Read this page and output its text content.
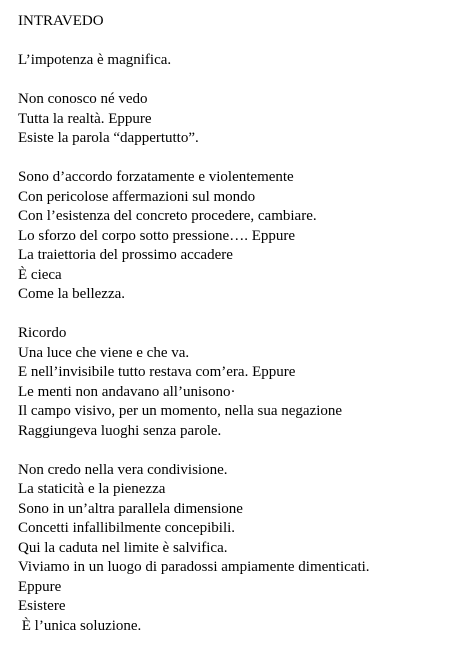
INTRAVEDO
L’impotenza è magnifica.
Non conosco né vedo
Tutta la realtà. Eppure
Esiste la parola “dappertutto”.
Sono d’accordo forzatamente e violentemente
Con pericolose affermazioni sul mondo
Con l’esistenza del concreto procedere, cambiare.
Lo sforzo del corpo sotto pressione…. Eppure
La traiettoria del prossimo accadere
È cieca
Come la bellezza.
Ricordo
Una luce che viene e che va.
E nell’invisibile tutto restava com’era. Eppure
Le menti non andavano all’unisono·
Il campo visivo, per un momento, nella sua negazione
Raggiungeva luoghi senza parole.
Non credo nella vera condivisione.
La staticità e la pienezza
Sono in un’altra parallela dimensione
Concetti infallibilmente concepibili.
Qui la caduta nel limite è salvifica.
Viviamo in un luogo di paradossi ampiamente dimenticati.
Eppure
Esistere
È l’unica soluzione.
